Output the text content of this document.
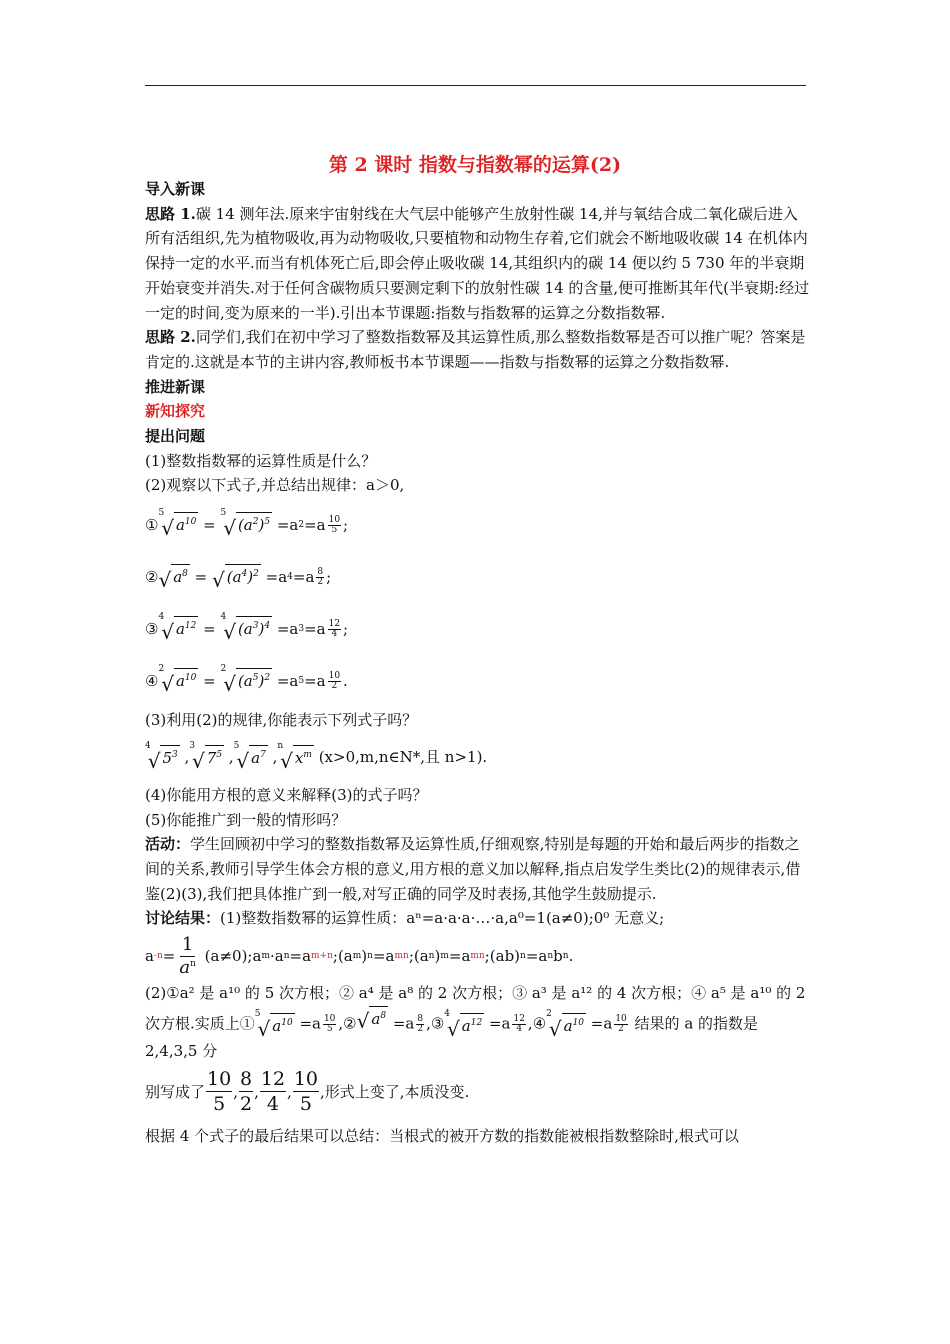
第 2 课时 指数与指数幂的运算(2)

导入新课

思路 1.碳 14 测年法.原来宇宙射线在大气层中能够产生放射性碳 14,并与氧结合成二氧化碳后进入所有活组织,先为植物吸收,再为动物吸收,只要植物和动物生存着,它们就会不断地吸收碳 14 在机体内保持一定的水平.而当有机体死亡后,即会停止吸收碳 14,其组织内的碳 14 便以约 5 730 年的半衰期开始衰变并消失.对于任何含碳物质只要测定剩下的放射性碳 14 的含量,便可推断其年代(半衰期:经过一定的时间,变为原来的一半).引出本节课题:指数与指数幂的运算之分数指数幂.

思路 2.同学们,我们在初中学习了整数指数幂及其运算性质,那么整数指数幂是否可以推广呢？答案是肯定的.这就是本节的主讲内容,教师板书本节课题——指数与指数幂的运算之分数指数幂.

推进新课

新知探究

提出问题

(1)整数指数幂的运算性质是什么？

(2)观察以下式子,并总结出规律：a＞0,

①
5
√ $a^{10}$ =
5
√ $(a^2)^5 =a$ $2 =a \frac{10}{5}$ ;
② √ $a^8$ = √ $(a^4)^2 =a$ $4 =a \frac{8}{2}$ ;
③
4
√ $a^{12}$ =
4
√ $(a^3)^4 =a$ $3 =a \frac{12}{4}$ ;
④
2
√ $a^{10}$ =
2
√ $(a^5)^2 =a$ $5 =a \frac{10}{2}$ .

(3)利用(2)的规律,你能表示下列式子吗？

4
√ $5^3$ ,
3
√ $7^5$ ,
5
√ $a^7$ ,
n
√ $x^m$
(x>0,m,n∈N*,且 n>1).

(4)你能用方根的意义来解释(3)的式子吗？

(5)你能推广到一般的情形吗？

活动：学生回顾初中学习的整数指数幂及运算性质,仔细观察,特别是每题的开始和最后两步的指数之间的关系,教师引导学生体会方根的意义,用方根的意义加以解释,指点启发学生类比(2)的规律表示,借鉴(2)(3),我们把具体推广到一般,对写正确的同学及时表扬,其他学生鼓励提示.

讨论结果：(1)整数指数幂的运算性质：aⁿ=a·a·a·…·a,a⁰=1(a≠0);0⁰ 无意义;

a $-n = \frac{1}{a^n}$ (a≠0);a m ·a n =a m+n ;(a m ) n =a mn ;(a n ) m =a mn ;(ab) n =a n b n .

(2)①a² 是 a¹⁰ 的 5 次方根；② a⁴ 是 a⁸ 的 2 次方根；③ a³ 是 a¹² 的 4 次方根；④ a⁵ 是 a¹⁰ 的 2 次方根.实质上① 5
√ $a^{10} =a \frac{10}{5}$ ,② √ $a^8 =a \frac{8}{2}$ ,③ 4
√ $a^{12} =a \frac{12}{4}$ ,④ 2
√ $a^{10} =a \frac{10}{2}$ 结果的 a 的指数是 2,4,3,5 分

别写成了
10
5
,
8
2
,
12
4
,
10
5
,形式上变了,本质没变.

根据 4 个式子的最后结果可以总结：当根式的被开方数的指数能被根指数整除时,根式可以
